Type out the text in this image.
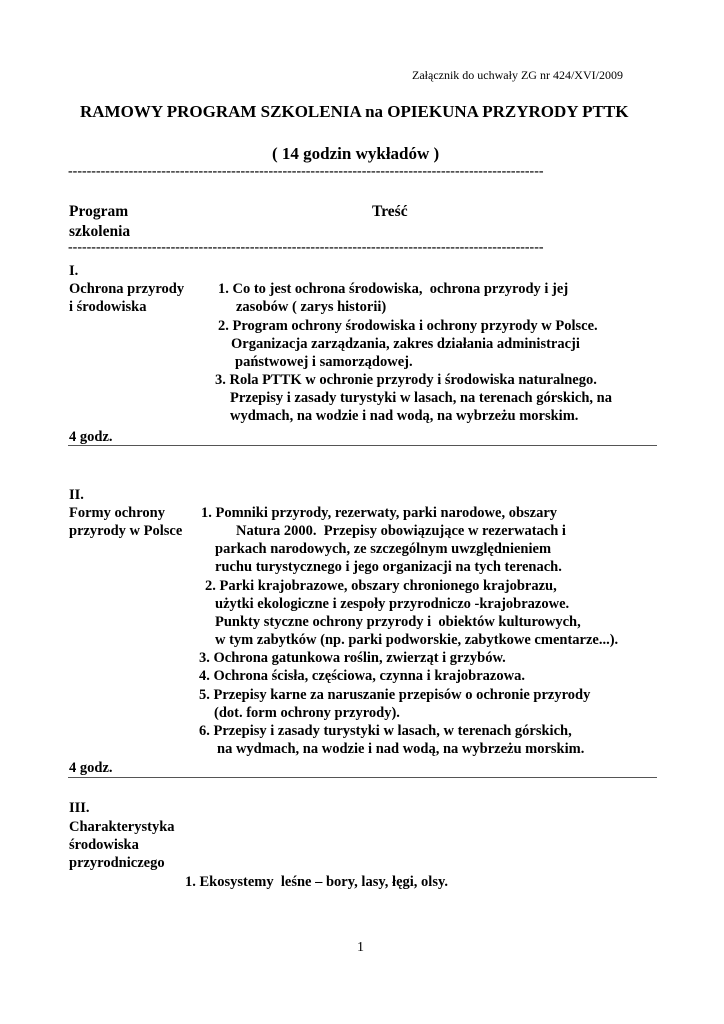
Załącznik do uchwały ZG nr 424/XVI/2009
RAMOWY PROGRAM SZKOLENIA na OPIEKUNA PRZYRODY PTTK
( 14 godzin wykładów )
------------------------------------------------------------------------------------------------------
Program
szkolenia
Treść
------------------------------------------------------------------------------------------------------
I.
Ochrona przyrody
i środowiska
1. Co to jest ochrona środowiska,  ochrona przyrody i jej
zasobów ( zarys historii)
2. Program ochrony środowiska i ochrony przyrody w Polsce.
Organizacja zarządzania, zakres działania administracji
państwowej i samorządowej.
3. Rola PTTK w ochronie przyrody i środowiska naturalnego.
Przepisy i zasady turystyki w lasach, na terenach górskich, na
wydmach, na wodzie i nad wodą, na wybrzeżu morskim.
4 godz.
II.
Formy ochrony
przyrody w Polsce
1. Pomniki przyrody, rezerwaty, parki narodowe, obszary
Natura 2000.  Przepisy obowiązujące w rezerwatach i
parkach narodowych, ze szczególnym uwzględnieniem
ruchu turystycznego i jego organizacji na tych terenach.
2. Parki krajobrazowe, obszary chronionego krajobrazu,
użytki ekologiczne i zespoły przyrodniczo -krajobrazowe.
Punkty styczne ochrony przyrody i  obiektów kulturowych,
w tym zabytków (np. parki podworskie, zabytkowe cmentarze...).
3. Ochrona gatunkowa roślin, zwierząt i grzybów.
4. Ochrona ścisła, częściowa, czynna i krajobrazowa.
5. Przepisy karne za naruszanie przepisów o ochronie przyrody
(dot. form ochrony przyrody).
6. Przepisy i zasady turystyki w lasach, w terenach górskich,
na wydmach, na wodzie i nad wodą, na wybrzeżu morskim.
4 godz.
III.
Charakterystyka
środowiska
przyrodniczego
1. Ekosystemy  leśne – bory, lasy, łęgi, olsy.
1
